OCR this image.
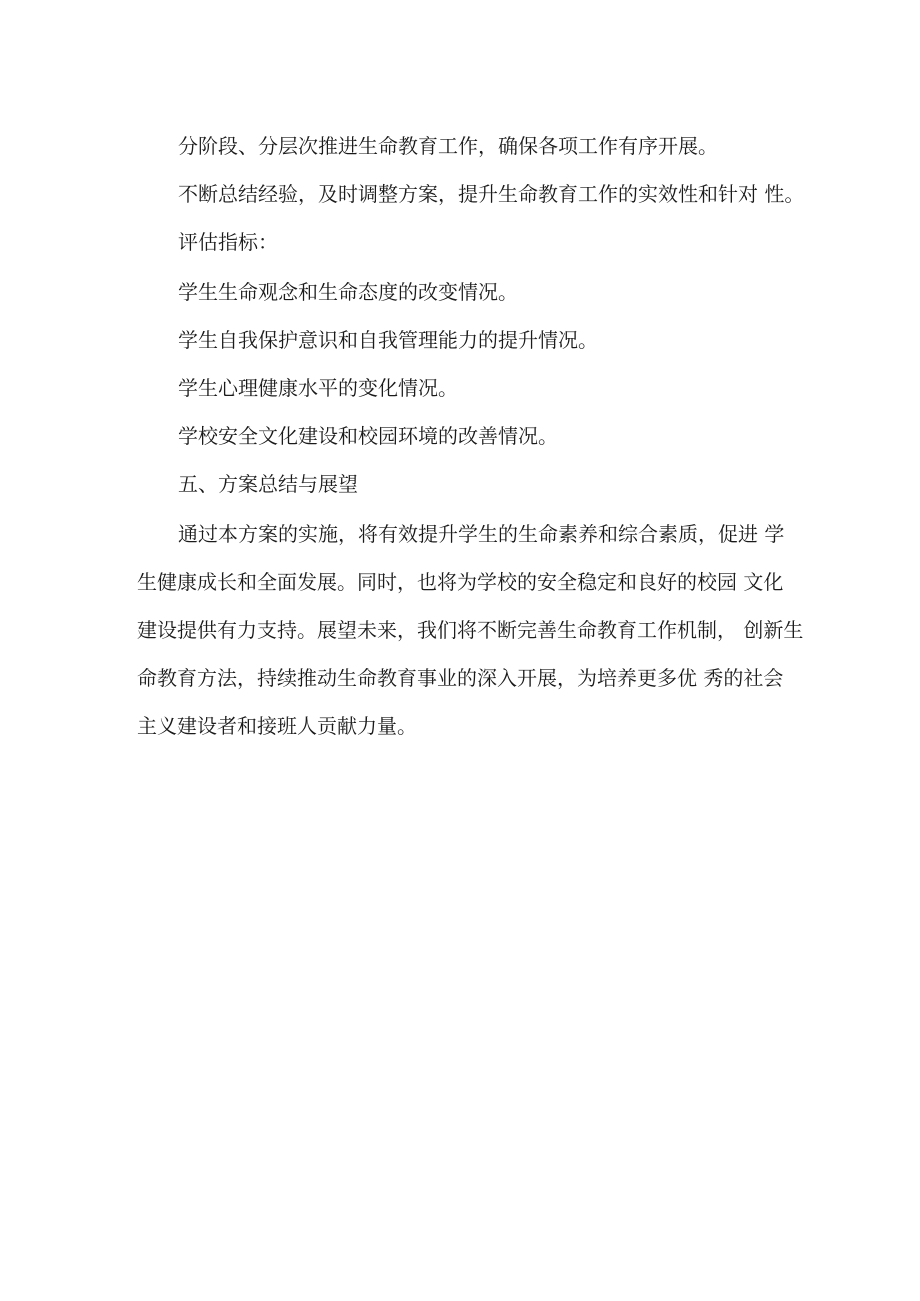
分阶段、分层次推进生命教育工作，确保各项工作有序开展。
不断总结经验，及时调整方案，提升生命教育工作的实效性和针对 性。
评估指标：
学生生命观念和生命态度的改变情况。
学生自我保护意识和自我管理能力的提升情况。
学生心理健康水平的变化情况。
学校安全文化建设和校园环境的改善情况。
五、方案总结与展望
通过本方案的实施，将有效提升学生的生命素养和综合素质，促进 学
生健康成长和全面发展。同时，也将为学校的安全稳定和良好的校园 文化
建设提供有力支持。展望未来，我们将不断完善生命教育工作机制， 创新生
命教育方法，持续推动生命教育事业的深入开展，为培养更多优 秀的社会
主义建设者和接班人贡献力量。
